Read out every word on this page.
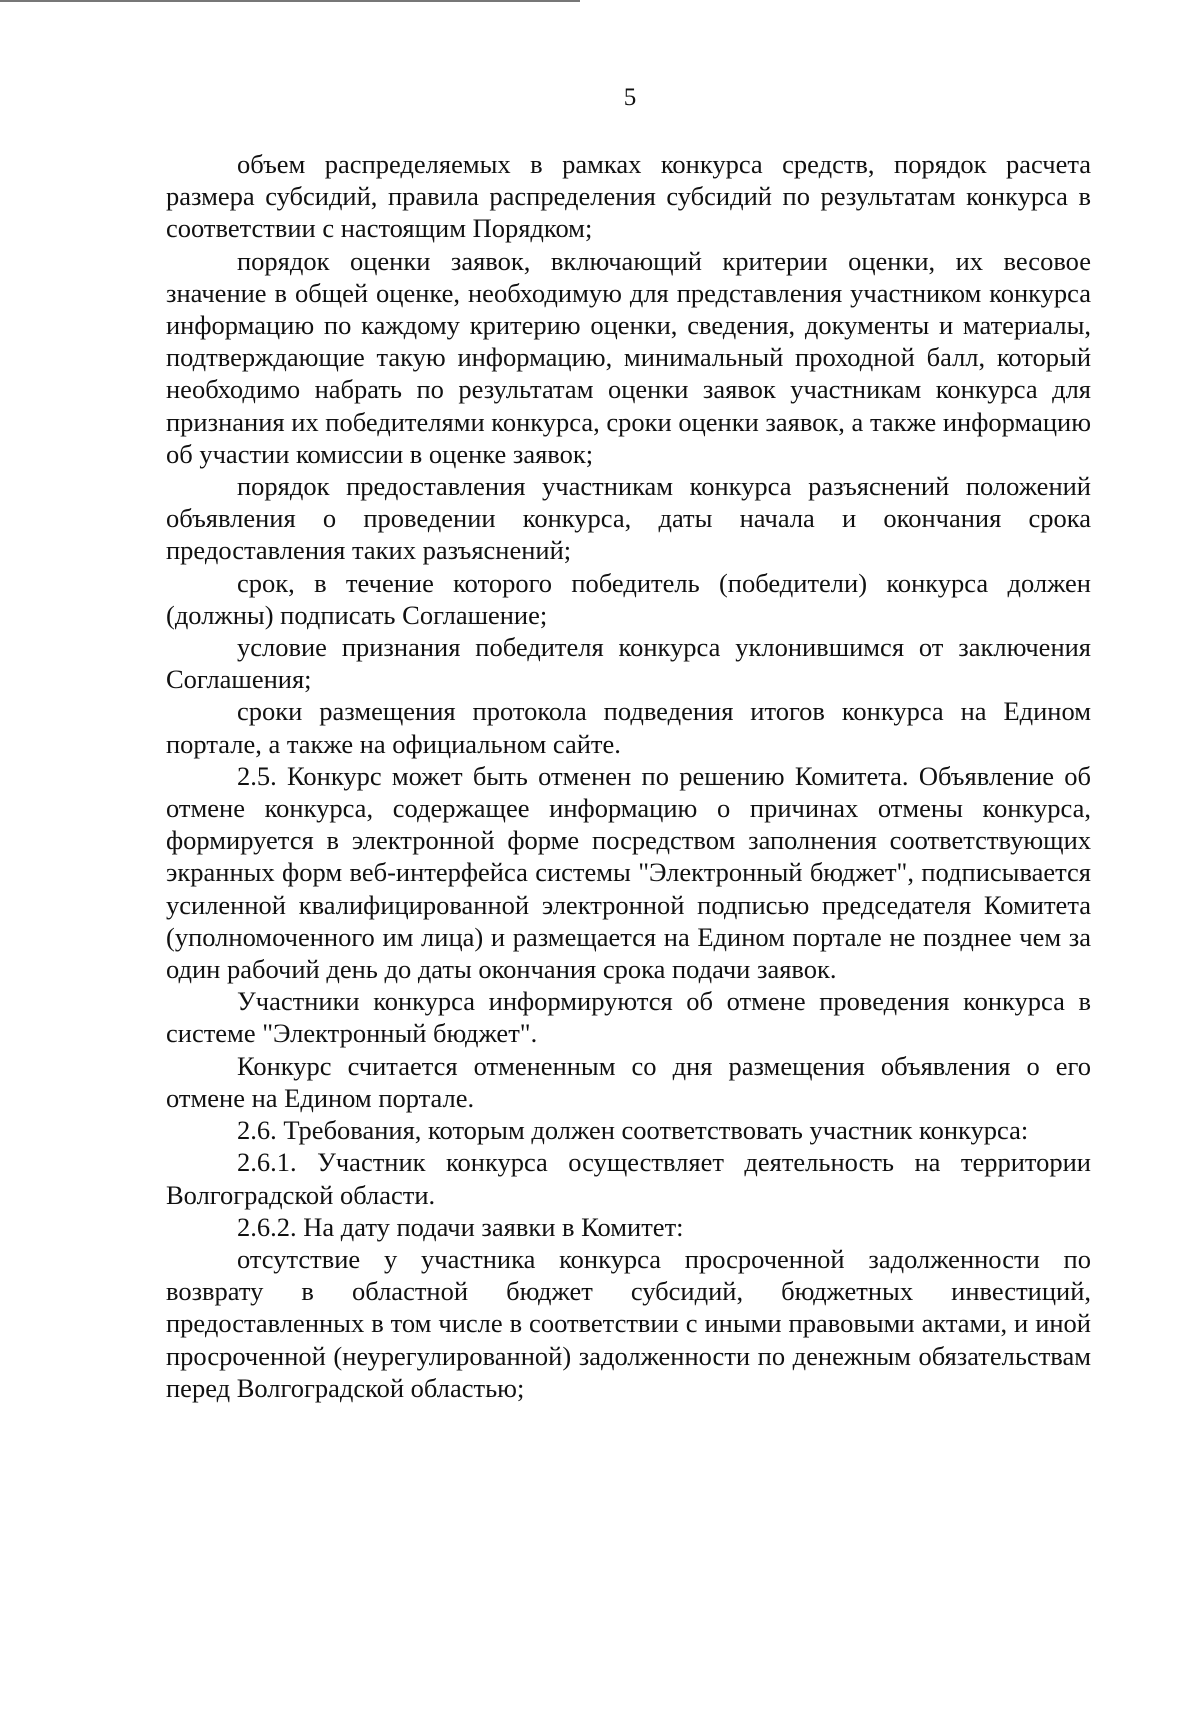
5

объем распределяемых в рамках конкурса средств, порядок расчета размера субсидий, правила распределения субсидий по результатам конкурса в соответствии с настоящим Порядком;

порядок оценки заявок, включающий критерии оценки, их весовое значение в общей оценке, необходимую для представления участником конкурса информацию по каждому критерию оценки, сведения, документы и материалы, подтверждающие такую информацию, минимальный проходной балл, который необходимо набрать по результатам оценки заявок участникам конкурса для признания их победителями конкурса, сроки оценки заявок, а также информацию об участии комиссии в оценке заявок;

порядок предоставления участникам конкурса разъяснений положений объявления о проведении конкурса, даты начала и окончания срока предоставления таких разъяснений;

срок, в течение которого победитель (победители) конкурса должен (должны) подписать Соглашение;

условие признания победителя конкурса уклонившимся от заключения Соглашения;

сроки размещения протокола подведения итогов конкурса на Едином портале, а также на официальном сайте.

2.5. Конкурс может быть отменен по решению Комитета. Объявление об отмене конкурса, содержащее информацию о причинах отмены конкурса, формируется в электронной форме посредством заполнения соответствующих экранных форм веб-интерфейса системы "Электронный бюджет", подписывается усиленной квалифицированной электронной подписью председателя Комитета (уполномоченного им лица) и размещается на Едином портале не позднее чем за один рабочий день до даты окончания срока подачи заявок.

Участники конкурса информируются об отмене проведения конкурса в системе "Электронный бюджет".

Конкурс считается отмененным со дня размещения объявления о его отмене на Едином портале.

2.6. Требования, которым должен соответствовать участник конкурса:

2.6.1. Участник конкурса осуществляет деятельность на территории Волгоградской области.

2.6.2. На дату подачи заявки в Комитет:

отсутствие у участника конкурса просроченной задолженности по возврату в областной бюджет субсидий, бюджетных инвестиций, предоставленных в том числе в соответствии с иными правовыми актами, и иной просроченной (неурегулированной) задолженности по денежным обязательствам перед Волгоградской областью;
